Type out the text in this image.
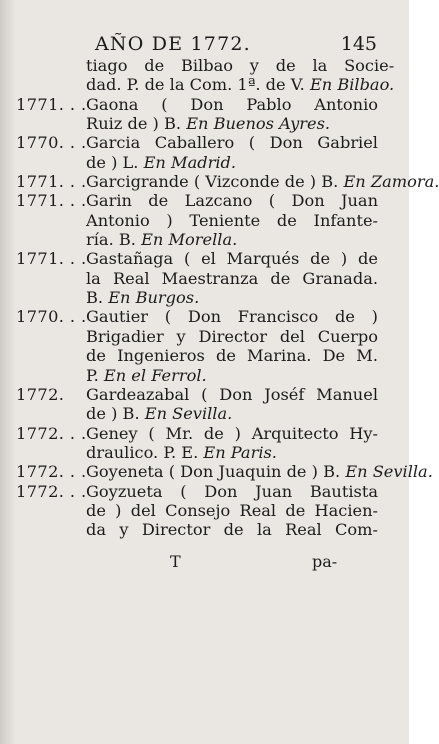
AÑO DE 1772.	145
tiago de Bilbao y de la Socie-
dad. P. de la Com. 1ª. de V. En Bilbao.
1771. . . Gaona ( Don Pablo Antonio
Ruiz de ) B. En Buenos Ayres.
1770. . . Garcia Caballero ( Don Gabriel
de ) L. En Madrid.
1771. . . Garcigrande ( Vizconde de ) B. En Zamora.
1771. . . Garin de Lazcano ( Don Juan
Antonio ) Teniente de Infante-
ría. B. En Morella.
1771. . . Gastañaga ( el Marqués de ) de
la Real Maestranza de Granada.
B. En Burgos.
1770. . . Gautier ( Don Francisco de )
Brigadier y Director del Cuerpo
de Ingenieros de Marina. De M.
P. En el Ferrol.
1772.	Gardeazabal ( Don Joséf Manuel
de ) B. En Sevilla.
1772. . . Geney ( Mr. de ) Arquitecto Hy-
draulico. P. E. En Paris.
1772. . . Goyeneta ( Don Juaquin de ) B. En Sevilla.
1772. . . Goyzueta ( Don Juan Bautista
de ) del Consejo Real de Hacien-
da y Director de la Real Com-
T	pa-
